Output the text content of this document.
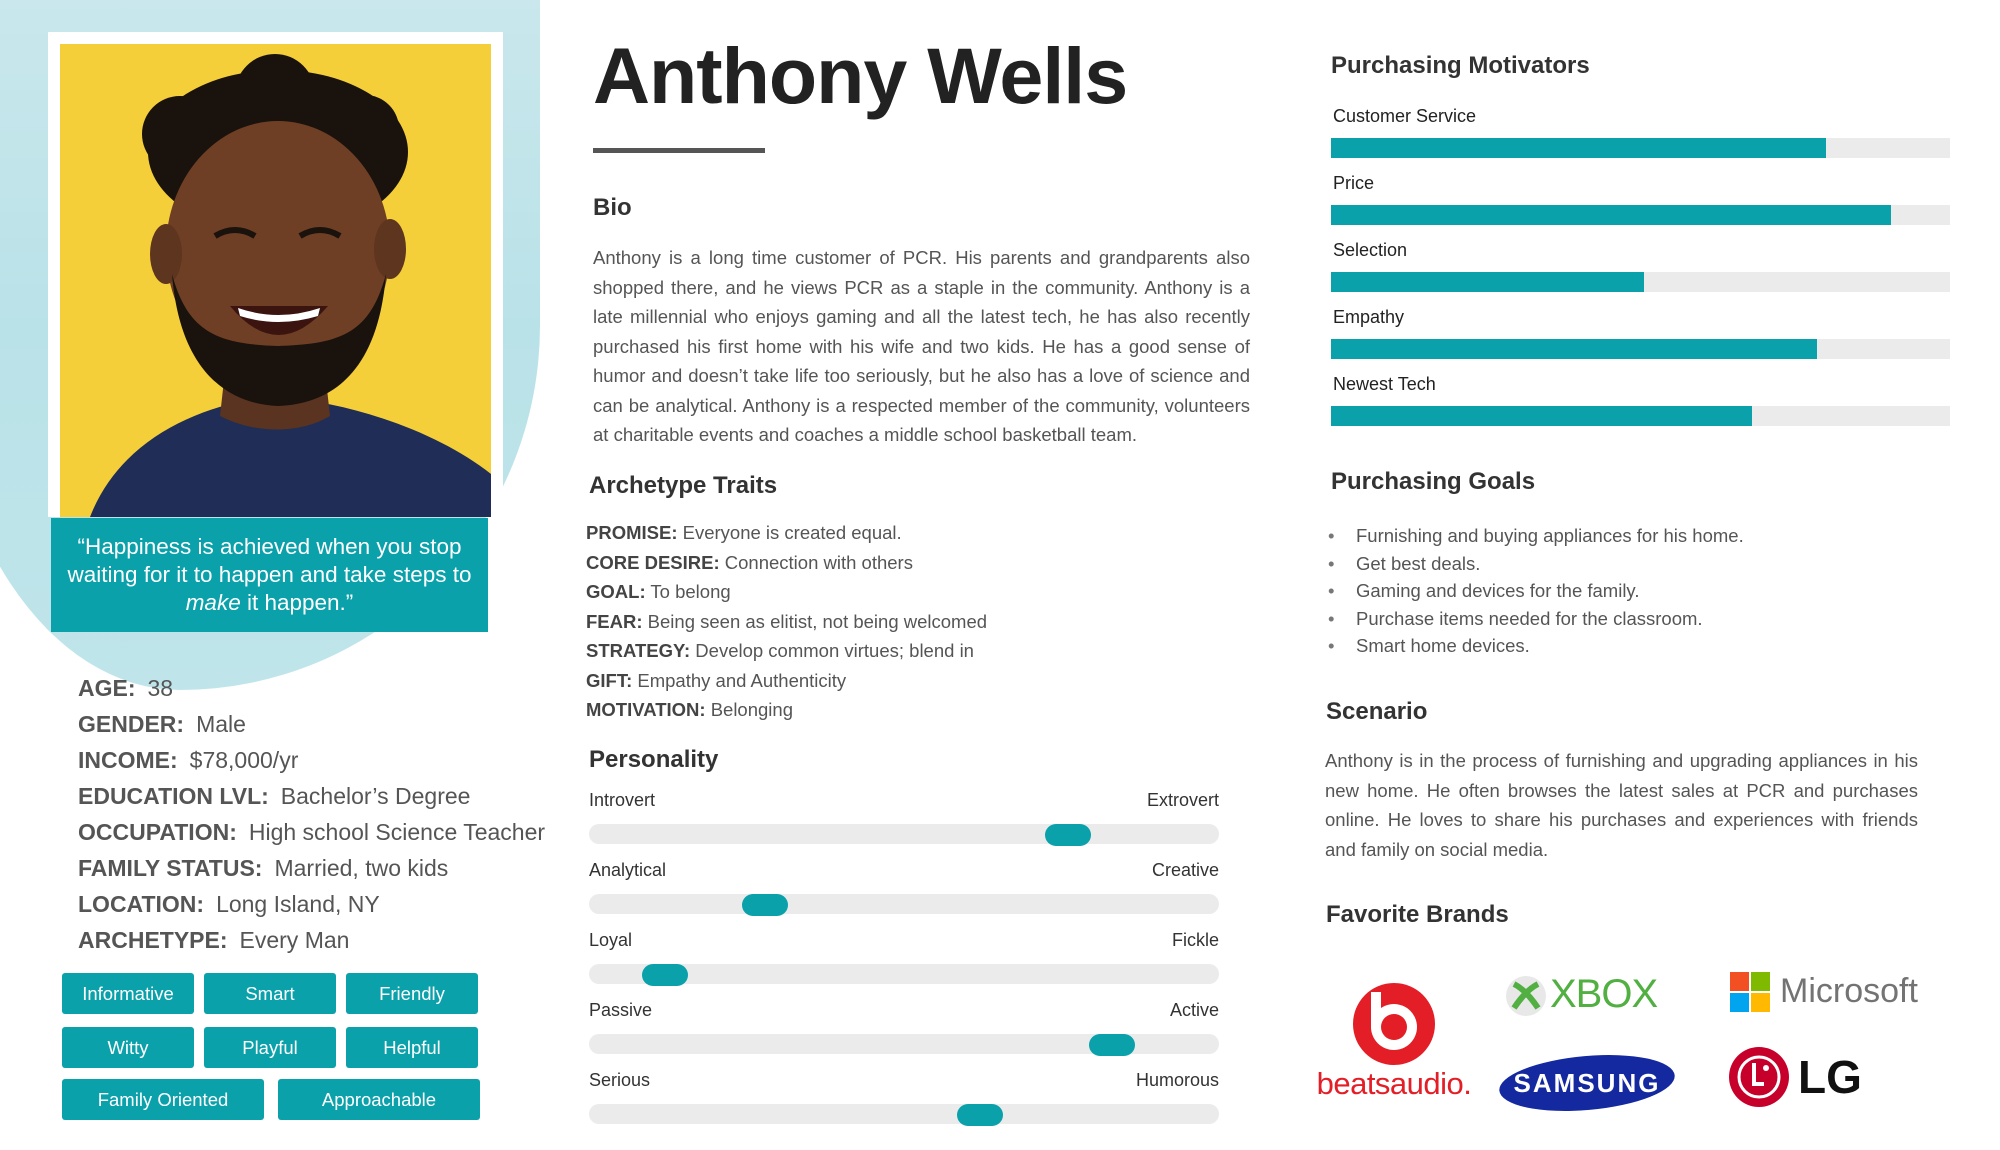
“Happiness is achieved when you stop waiting for it to happen and take steps to make it happen.”
AGE: 38
GENDER: Male
INCOME: $78,000/yr
EDUCATION LVL: Bachelor’s Degree
OCCUPATION: High school Science Teacher
FAMILY STATUS: Married, two kids
LOCATION: Long Island, NY
ARCHETYPE: Every Man
Informative	Smart	Friendly
Witty	Playful	Helpful
Family Oriented	Approachable
Anthony Wells
Bio
Anthony is a long time customer of PCR. His parents and grandparents also shopped there, and he views PCR as a staple in the community. Anthony is a late millennial who enjoys gaming and all the latest tech, he has also recently purchased his first home with his wife and two kids. He has a good sense of humor and doesn’t take life too seriously, but he also has a love of science and can be analytical. Anthony is a respected member of the community, volunteers at charitable events and coaches a middle school basketball team.
Archetype Traits
PROMISE: Everyone is created equal.
CORE DESIRE: Connection with others
GOAL: To belong
FEAR: Being seen as elitist, not being welcomed
STRATEGY: Develop common virtues; blend in
GIFT: Empathy and Authenticity
MOTIVATION: Belonging
Personality
Introvert	Extrovert
Analytical	Creative
Loyal	Fickle
Passive	Active
Serious	Humorous
Purchasing Motivators
Customer Service
Price
Selection
Empathy
Newest Tech
Purchasing Goals
• Furnishing and buying appliances for his home.
• Get best deals.
• Gaming and devices for the family.
• Purchase items needed for the classroom.
• Smart home devices.
Scenario
Anthony is in the process of furnishing and upgrading appliances in his new home. He often browses the latest sales at PCR and purchases online. He loves to share his purchases and experiences with friends and family on social media.
Favorite Brands
beatsaudio.
XBOX	Microsoft
SAMSUNG	LG
